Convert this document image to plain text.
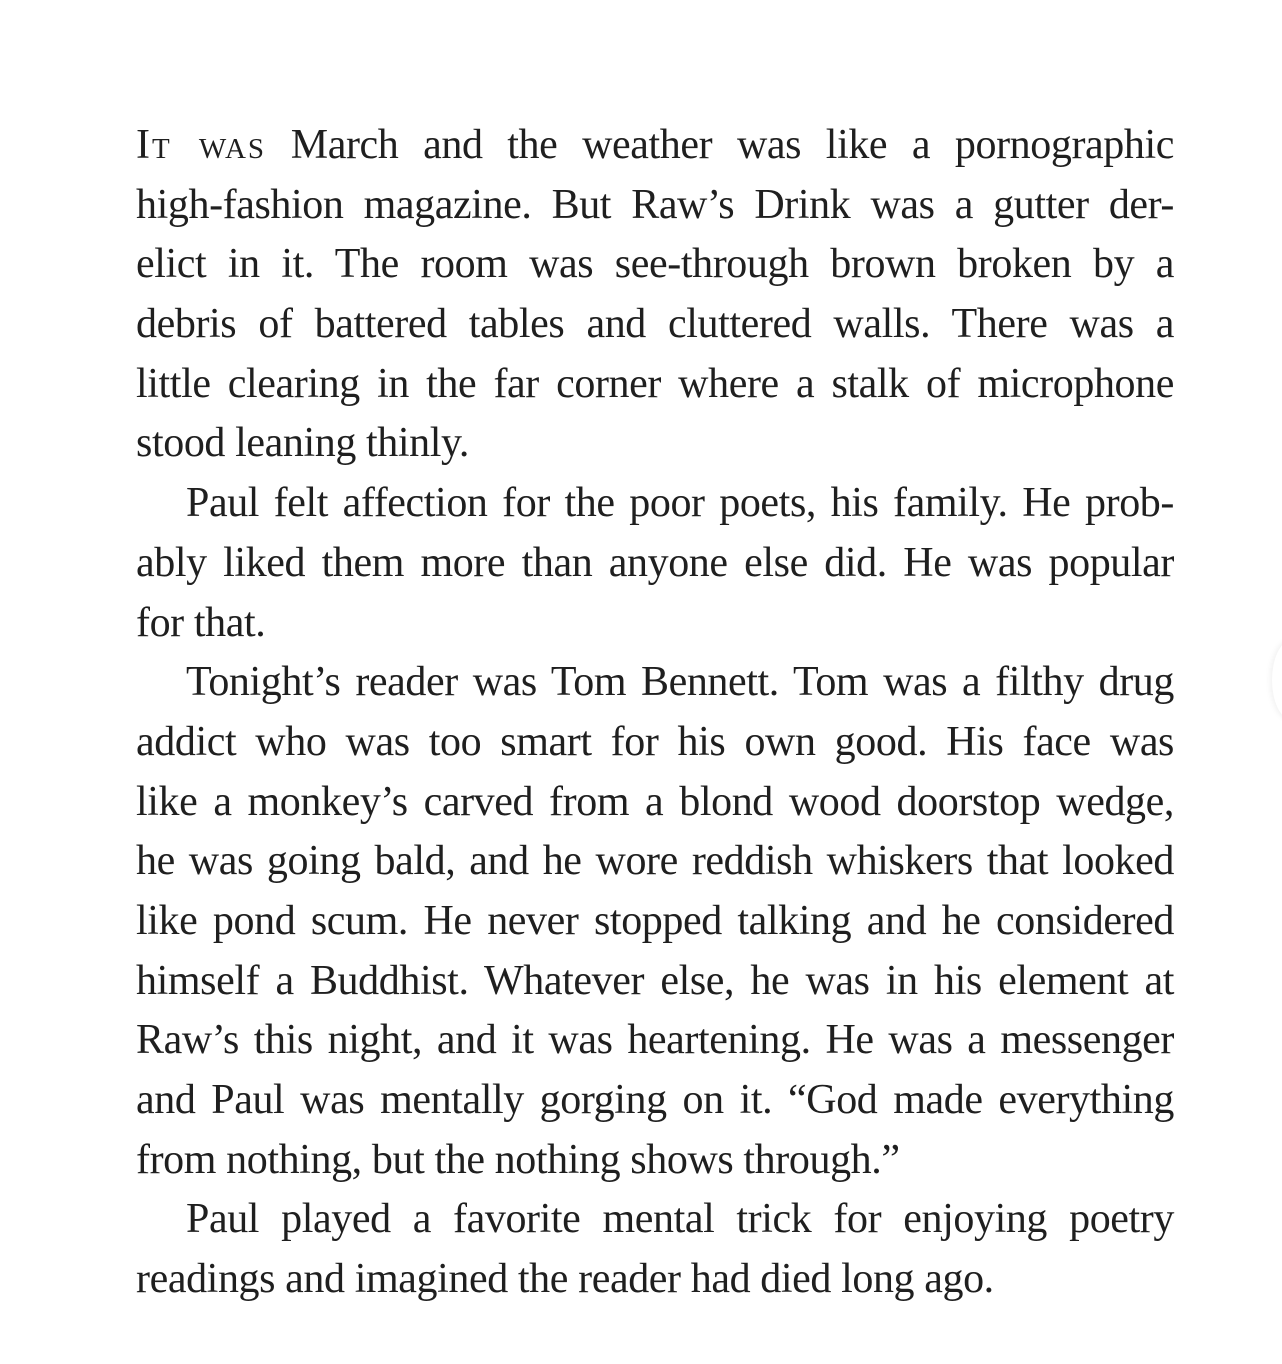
It was March and the weather was like a pornographic
high-fashion magazine. But Raw’s Drink was a gutter der-
elict in it. The room was see-through brown broken by a
debris of battered tables and cluttered walls. There was a
little clearing in the far corner where a stalk of microphone
stood leaning thinly.

Paul felt affection for the poor poets, his family. He prob-
ably liked them more than anyone else did. He was popular
for that.

Tonight’s reader was Tom Bennett. Tom was a filthy drug
addict who was too smart for his own good. His face was
like a monkey’s carved from a blond wood doorstop wedge,
he was going bald, and he wore reddish whiskers that looked
like pond scum. He never stopped talking and he considered
himself a Buddhist. Whatever else, he was in his element at
Raw’s this night, and it was heartening. He was a messenger
and Paul was mentally gorging on it. “God made everything
from nothing, but the nothing shows through.”

Paul played a favorite mental trick for enjoying poetry
readings and imagined the reader had died long ago.
